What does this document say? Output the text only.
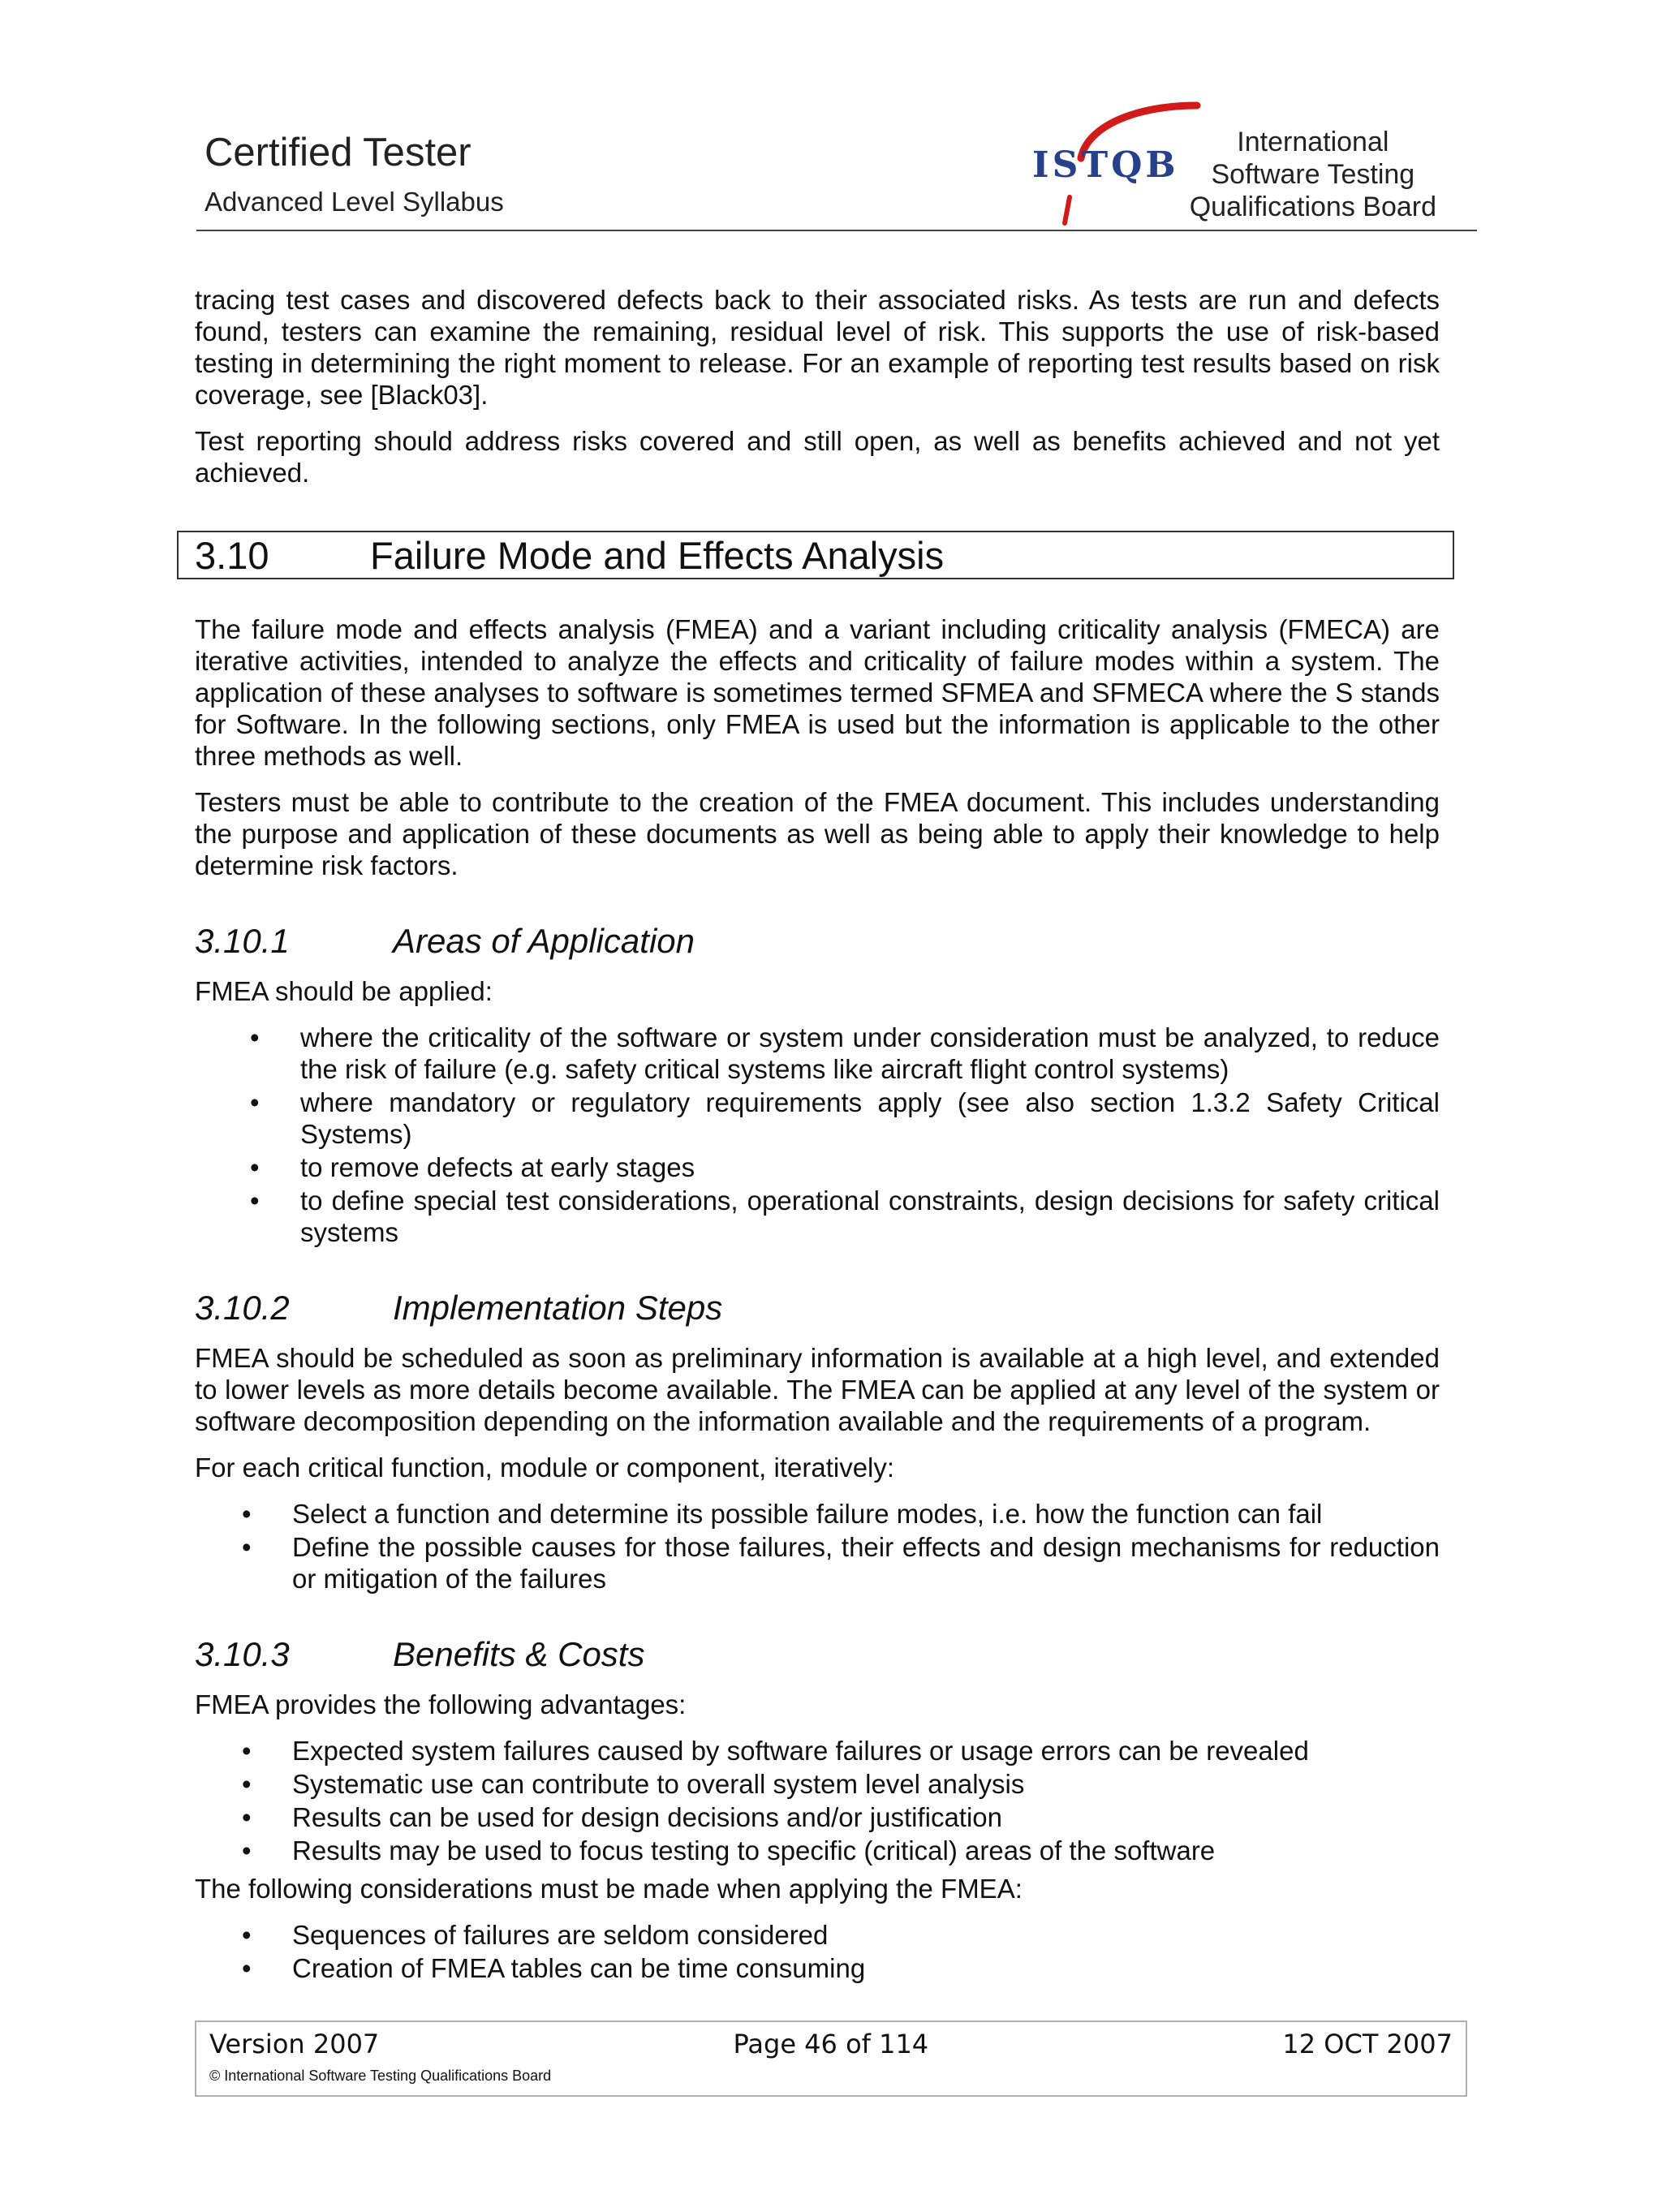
Certified Tester
Advanced Level Syllabus
ISTQB
International
Software Testing
Qualifications Board

tracing test cases and discovered defects back to their associated risks. As tests are run and defects found, testers can examine the remaining, residual level of risk. This supports the use of risk-based testing in determining the right moment to release. For an example of reporting test results based on risk coverage, see [Black03].

Test reporting should address risks covered and still open, as well as benefits achieved and not yet achieved.

3.10	Failure Mode and Effects Analysis

The failure mode and effects analysis (FMEA) and a variant including criticality analysis (FMECA) are iterative activities, intended to analyze the effects and criticality of failure modes within a system. The application of these analyses to software is sometimes termed SFMEA and SFMECA where the S stands for Software. In the following sections, only FMEA is used but the information is applicable to the other three methods as well.

Testers must be able to contribute to the creation of the FMEA document. This includes understanding the purpose and application of these documents as well as being able to apply their knowledge to help determine risk factors.

3.10.1	Areas of Application

FMEA should be applied:

• where the criticality of the software or system under consideration must be analyzed, to reduce the risk of failure (e.g. safety critical systems like aircraft flight control systems)
• where mandatory or regulatory requirements apply (see also section 1.3.2 Safety Critical Systems)
• to remove defects at early stages
• to define special test considerations, operational constraints, design decisions for safety critical systems
3.10.2	Implementation Steps

FMEA should be scheduled as soon as preliminary information is available at a high level, and extended to lower levels as more details become available. The FMEA can be applied at any level of the system or software decomposition depending on the information available and the requirements of a program.

For each critical function, module or component, iteratively:

• Select a function and determine its possible failure modes, i.e. how the function can fail
• Define the possible causes for those failures, their effects and design mechanisms for reduction or mitigation of the failures
3.10.3	Benefits & Costs

FMEA provides the following advantages:

• Expected system failures caused by software failures or usage errors can be revealed
• Systematic use can contribute to overall system level analysis
• Results can be used for design decisions and/or justification
• Results may be used to focus testing to specific (critical) areas of the software

The following considerations must be made when applying the FMEA:

• Sequences of failures are seldom considered
• Creation of FMEA tables can be time consuming
Version 2007	Page 46 of 114	12 OCT 2007
© International Software Testing Qualifications Board
